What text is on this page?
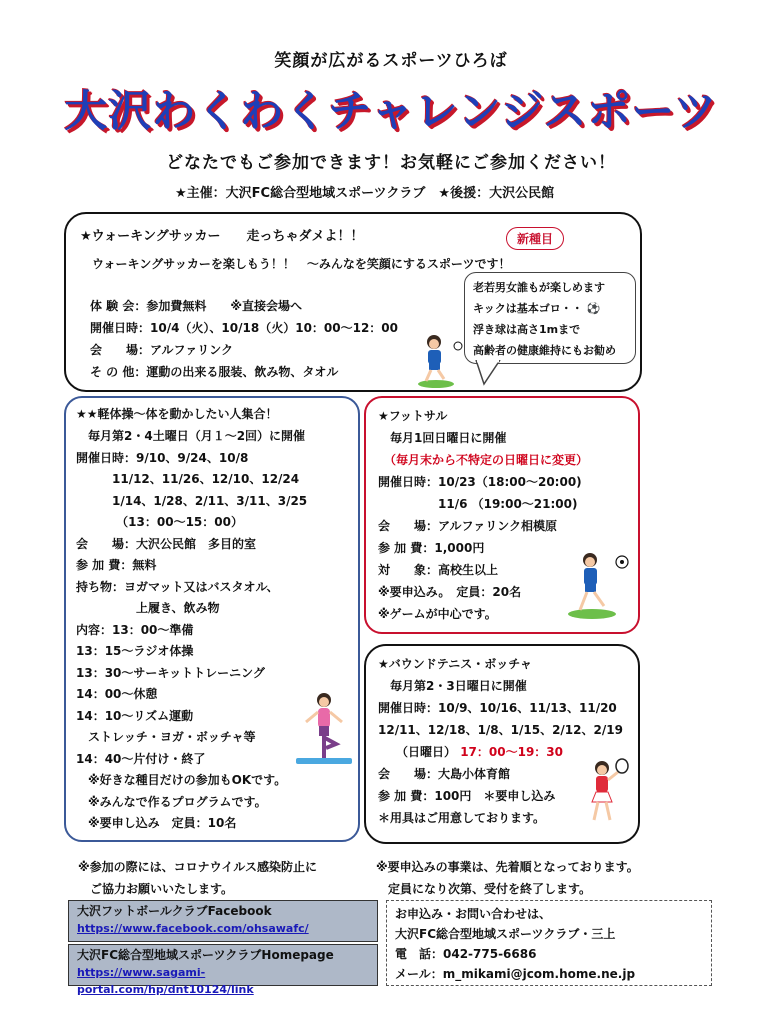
笑顔が広がるスポーツひろば
大沢わくわくチャレンジスポーツ
どなたでもご参加できます！お気軽にご参加ください！
★主催：大沢FC総合型地域スポーツクラブ　★後援：大沢公民館
★ウォーキングサッカー　　走っちゃダメよ！！	新種目
ウォーキングサッカーを楽しもう！！　～みんなを笑顔にするスポーツです！
体 験 会：参加費無料　　※直接会場へ
開催日時：10/4（火）、10/18（火）10：00～12：00
会　　場：アルファリンク
そ の 他：運動の出来る服装、飲み物、タオル
老若男女誰もが楽しめます
キックは基本ゴロ・・ ⚽
浮き球は高さ1mまで
高齢者の健康維持にもお勧め
★★軽体操～体を動かしたい人集合！
　毎月第2・4土曜日（月１～2回）に開催
開催日時：9/10、9/24、10/8
　　　11/12、11/26、12/10、12/24
　　　1/14、1/28、2/11、3/11、3/25
　　　 （13：00～15：00）
会　　場：大沢公民館　多目的室
参 加 費：無料
持ち物：ヨガマット又はバスタオル、
　　　　　上履き、飲み物
内容：13：00～準備
13：15～ラジオ体操
13：30～サーキットトレーニング
14：00～休憩
14：10～リズム運動
　ストレッチ・ヨガ・ボッチャ等
14：40～片付け・終了
　※好きな種目だけの参加もOKです。
　※みんなで作るプログラムです。
　※要申し込み　定員：10名
★フットサル
　毎月1回日曜日に開催
　（毎月末から不特定の日曜日に変更）
開催日時：10/23（18:00～20:00)
　　　　　11/6 （19:00～21:00)
会　　場：アルファリンク相模原
参 加 費：1,000円
対　　象：高校生以上
※要申込み。　定員：20名
※ゲームが中心です。
★バウンドテニス・ボッチャ
　毎月第2・3日曜日に開催
開催日時：10/9、10/16、11/13、11/20
12/11、12/18、1/8、1/15、2/12、2/19
　　（日曜日） 17：00～19：30
会　　場：大島小体育館
参 加 費：100円　＊要申し込み
＊用具はご用意しております。
※参加の際には、コロナウイルス感染防止に
　ご協力お願いいたします。
※要申込みの事業は、先着順となっております。
　定員になり次第、受付を終了します。
大沢フットボールクラブFacebook
https://www.facebook.com/ohsawafc/
大沢FC総合型地域スポーツクラブHomepage
https://www.sagami-portal.com/hp/dnt10124/link
お申込み・お問い合わせは、
大沢FC総合型地域スポーツクラブ・三上
電　話：042-775-6686
メール：m_mikami@jcom.home.ne.jp
